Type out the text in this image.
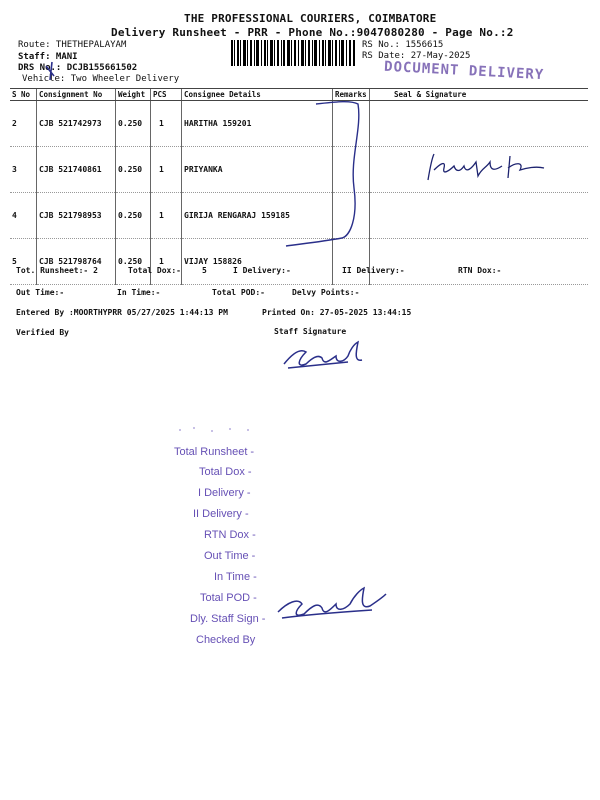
THE PROFESSIONAL COURIERS, COIMBATORE
Delivery Runsheet - PRR - Phone No.:9047080280 - Page No.:2
Route: THETHEPALAYAM
Staff: MANI
DRS No.: DCJB155661502
Vehicle: Two Wheeler Delivery
RS No.: 1556615
RS Date: 27-May-2025
DOCUMENT DELIVERY
S No	Consignment No	Weight	PCS	Consignee Details	Remarks	Seal & Signature
2	CJB 521742973	0.250	1	HARITHA 159201		
3	CJB 521740861	0.250	1	PRIYANKA		
4	CJB 521798953	0.250	1	GIRIJA RENGARAJ 159185		
5	CJB 521798764	0.250	1	VIJAY 158826		
Tot. Runsheet:- 2	Total Dox:-	5	I Delivery:-	II Delivery:-	RTN Dox:-
Out Time:-	In Time:-	Total POD:-	Delvy Points:-
Entered By :MOORTHYPRR 05/27/2025 1:44:13 PM	Printed On: 27-05-2025 13:44:15
Verified By	Staff Signature
Total Runsheet -
Total Dox -
I Delivery -
II Delivery -
RTN Dox -
Out Time -
In Time -
Total POD -
Dly. Staff Sign -
Checked By
